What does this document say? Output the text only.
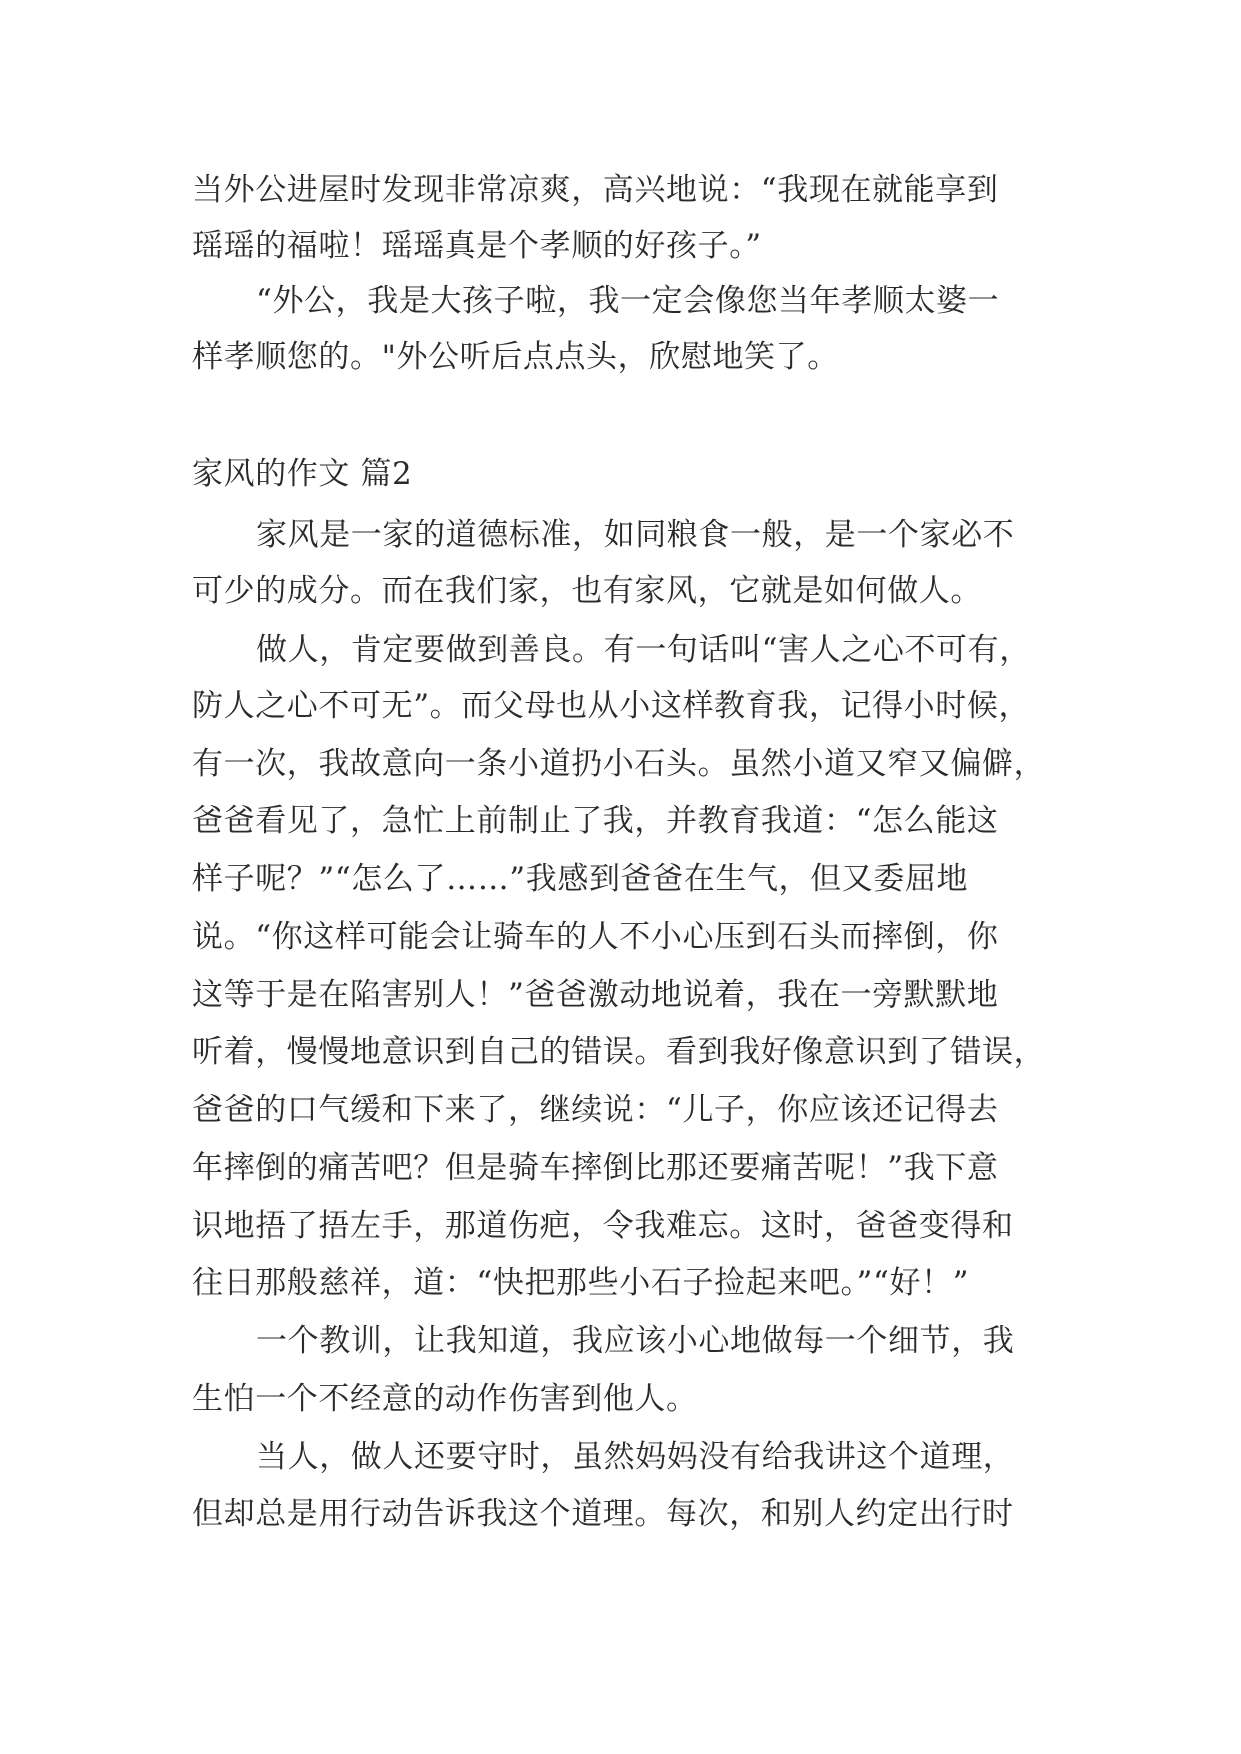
当外公进屋时发现非常凉爽，高兴地说：“我现在就能享到
瑶瑶的福啦！瑶瑶真是个孝顺的好孩子。”
“外公，我是大孩子啦，我一定会像您当年孝顺太婆一
样孝顺您的。"外公听后点点头，欣慰地笑了。
家风的作文 篇2
家风是一家的道德标准，如同粮食一般，是一个家必不
可少的成分。而在我们家，也有家风，它就是如何做人。
做人，肯定要做到善良。有一句话叫“害人之心不可有，
防人之心不可无”。而父母也从小这样教育我，记得小时候，
有一次，我故意向一条小道扔小石头。虽然小道又窄又偏僻，
爸爸看见了，急忙上前制止了我，并教育我道：“怎么能这
样子呢？”“怎么了……”我感到爸爸在生气，但又委屈地
说。“你这样可能会让骑车的人不小心压到石头而摔倒，你
这等于是在陷害别人！”爸爸激动地说着，我在一旁默默地
听着，慢慢地意识到自己的错误。看到我好像意识到了错误，
爸爸的口气缓和下来了，继续说：“儿子，你应该还记得去
年摔倒的痛苦吧？但是骑车摔倒比那还要痛苦呢！”我下意
识地捂了捂左手，那道伤疤，令我难忘。这时，爸爸变得和
往日那般慈祥，道：“快把那些小石子捡起来吧。”“好！”
一个教训，让我知道，我应该小心地做每一个细节，我
生怕一个不经意的动作伤害到他人。
当人，做人还要守时，虽然妈妈没有给我讲这个道理，
但却总是用行动告诉我这个道理。每次，和别人约定出行时
